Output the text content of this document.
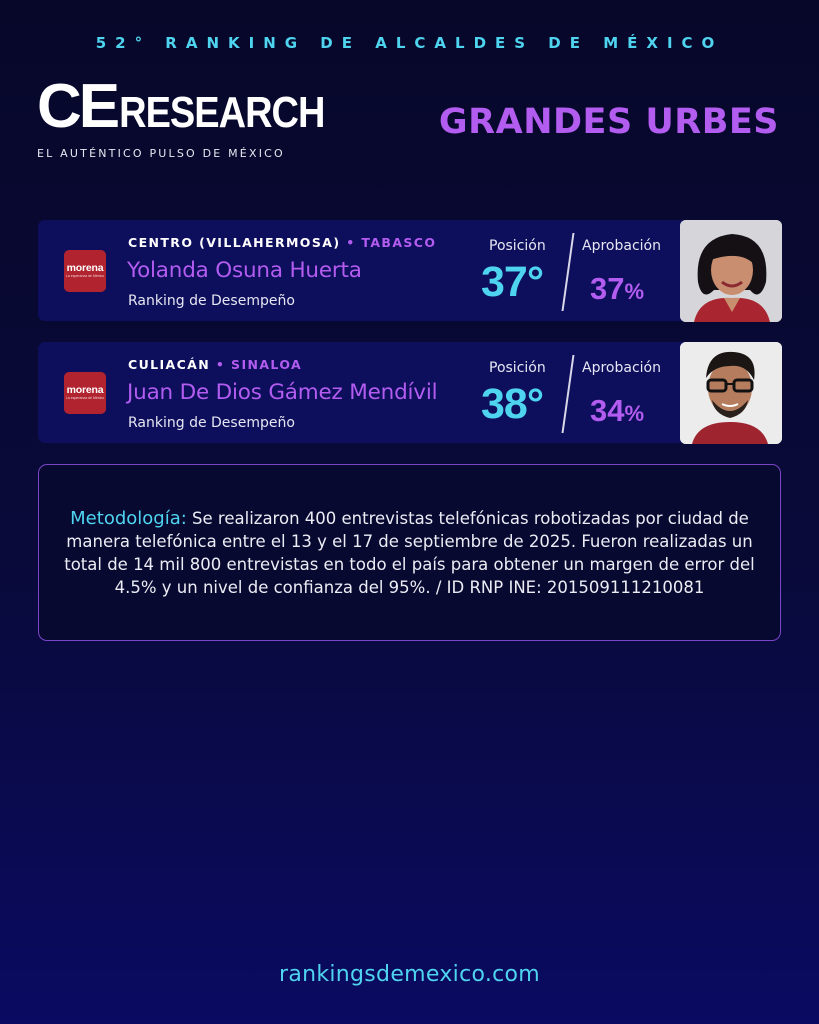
52° RANKING DE ALCALDES DE MÉXICO
CE RESEARCH
EL AUTÉNTICO PULSO DE MÉXICO
GRANDES URBES
morena
La esperanza de México
CENTRO (VILLAHERMOSA) • TABASCO
Yolanda Osuna Huerta
Ranking de Desempeño
Posición
37°
Aprobación
37%
morena
La esperanza de México
CULIACÁN • SINALOA
Juan De Dios Gámez Mendívil
Ranking de Desempeño
Posición
38°
Aprobación
34%
Metodología: Se realizaron 400 entrevistas telefónicas robotizadas por ciudad de manera telefónica entre el 13 y el 17 de septiembre de 2025. Fueron realizadas un total de 14 mil 800 entrevistas en todo el país para obtener un margen de error del 4.5% y un nivel de confianza del 95%. / ID RNP INE: 201509111210081
rankingsdemexico.com
